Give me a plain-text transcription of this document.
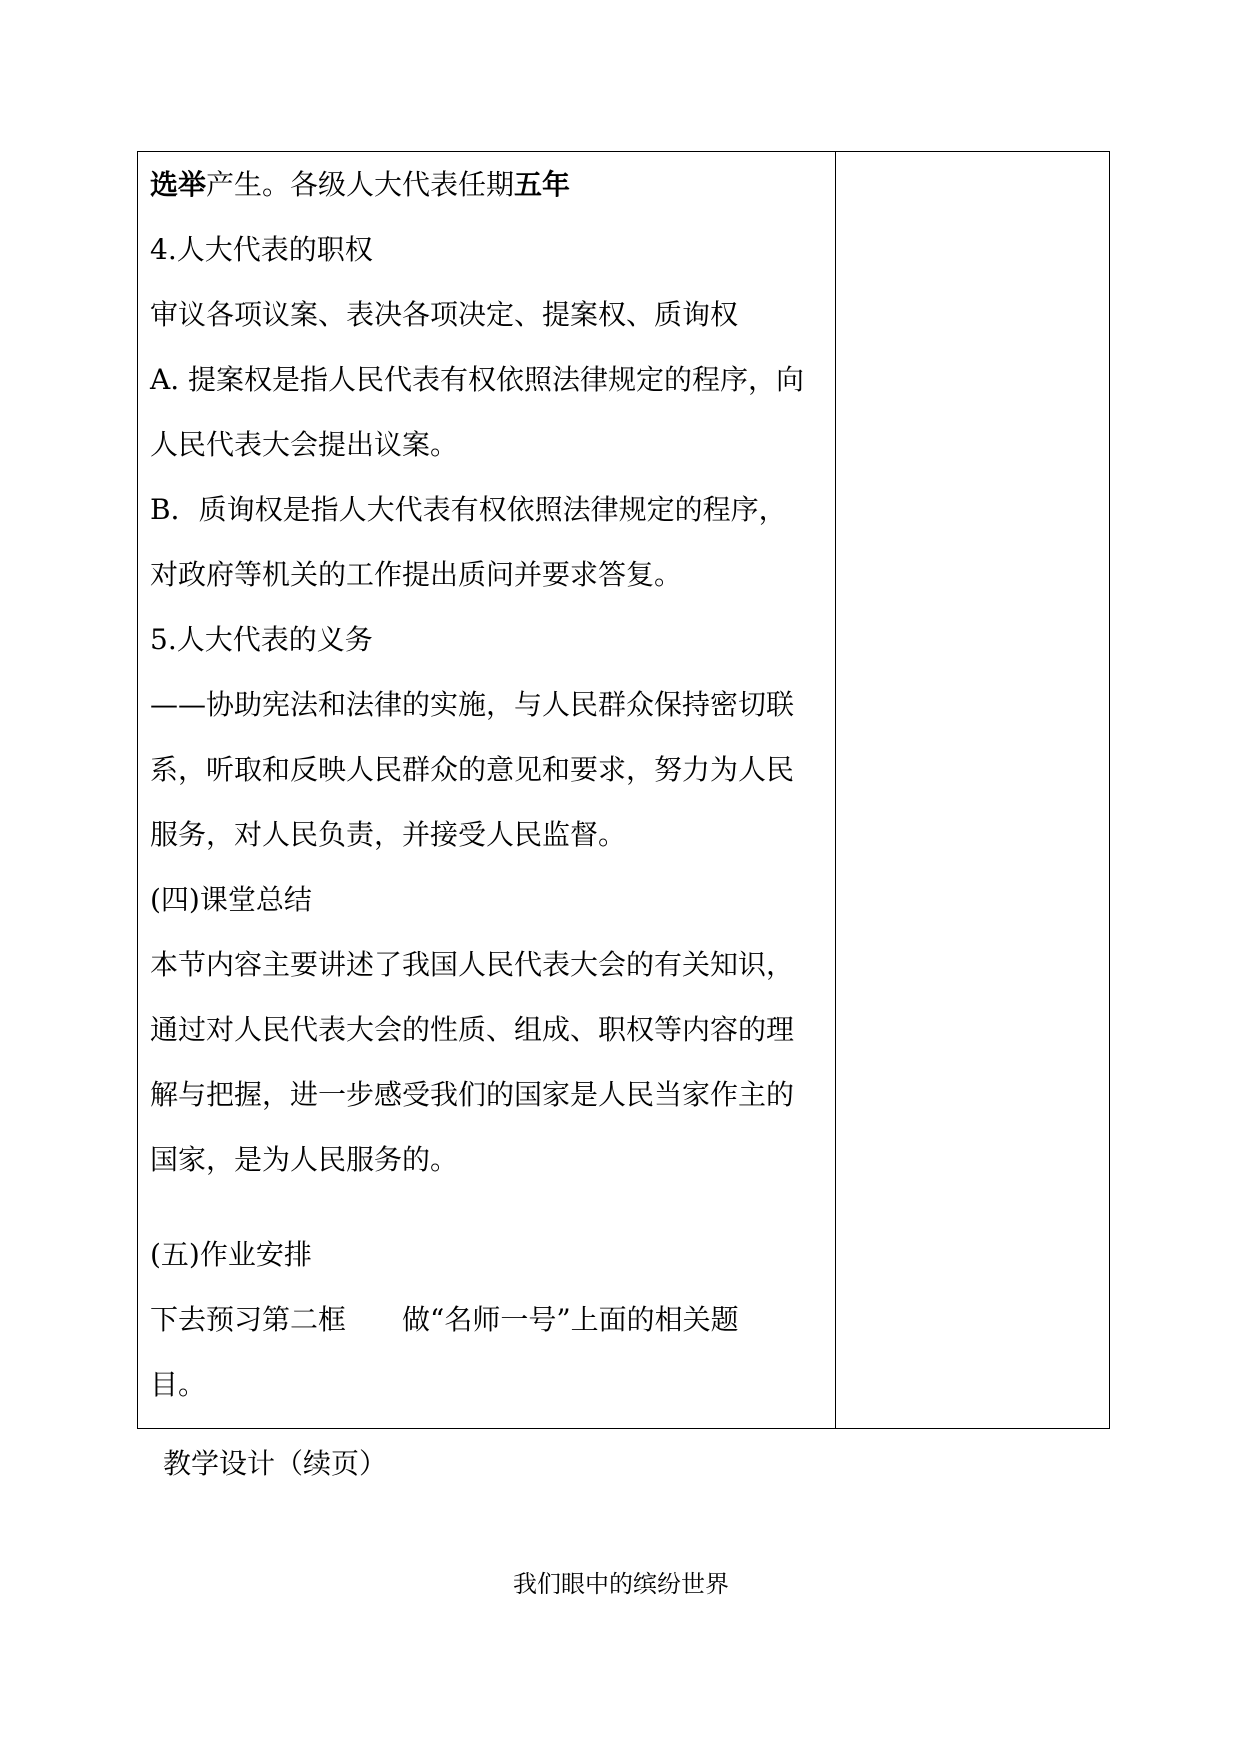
选举产生。各级人大代表任期五年
4.人大代表的职权
审议各项议案、表决各项决定、提案权、质询权
A. 提案权是指人民代表有权依照法律规定的程序，向
人民代表大会提出议案。
B．质询权是指人大代表有权依照法律规定的程序，
对政府等机关的工作提出质问并要求答复。
5.人大代表的义务
——协助宪法和法律的实施，与人民群众保持密切联
系，听取和反映人民群众的意见和要求，努力为人民
服务，对人民负责，并接受人民监督。
(四)课堂总结
本节内容主要讲述了我国人民代表大会的有关知识，
通过对人民代表大会的性质、组成、职权等内容的理
解与把握，进一步感受我们的国家是人民当家作主的
国家，是为人民服务的。
(五)作业安排
下去预习第二框　　做“名师一号”上面的相关题
目。
教学设计（续页）
我们眼中的缤纷世界
